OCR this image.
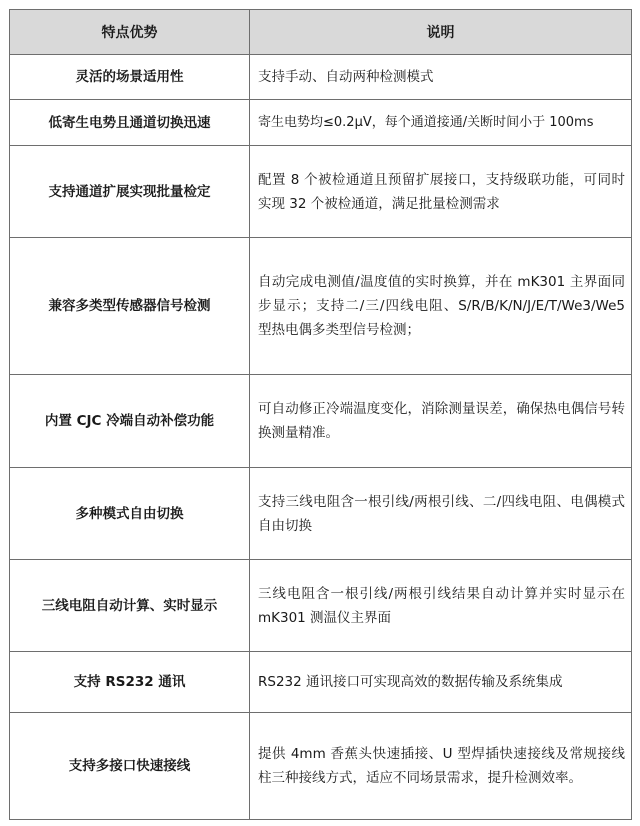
特点优势	说明
灵活的场景适用性	支持手动、自动两种检测模式
低寄生电势且通道切换迅速	寄生电势均≤0.2μV，每个通道接通/关断时间小于 100ms
支持通道扩展实现批量检定	配置 8 个被检通道且预留扩展接口，支持级联功能，可同时实现 32 个被检通道，满足批量检测需求
兼容多类型传感器信号检测	自动完成电测值/温度值的实时换算，并在 mK301 主界面同步显示；支持二/三/四线电阻、S/R/B/K/N/J/E/T/We3/We5 型热电偶多类型信号检测；
内置 CJC 冷端自动补偿功能	可自动修正冷端温度变化，消除测量误差，确保热电偶信号转换测量精准。
多种模式自由切换	支持三线电阻含一根引线/两根引线、二/四线电阻、电偶模式自由切换
三线电阻自动计算、实时显示	三线电阻含一根引线/两根引线结果自动计算并实时显示在 mK301 测温仪主界面
支持 RS232 通讯	RS232 通讯接口可实现高效的数据传输及系统集成
支持多接口快速接线	提供 4mm 香蕉头快速插接、U 型焊插快速接线及常规接线柱三种接线方式，适应不同场景需求，提升检测效率。
